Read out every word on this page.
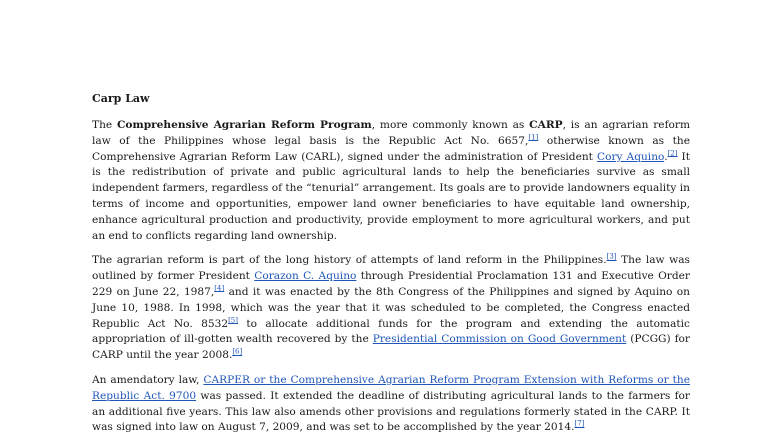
Carp Law

The Comprehensive Agrarian Reform Program, more commonly known as CARP, is an agrarian reform law of the Philippines whose legal basis is the Republic Act No. 6657,[1] otherwise known as the Comprehensive Agrarian Reform Law (CARL), signed under the administration of President Cory Aquino.[2] It is the redistribution of private and public agricultural lands to help the beneficiaries survive as small independent farmers, regardless of the “tenurial” arrangement. Its goals are to provide landowners equality in terms of income and opportunities, empower land owner beneficiaries to have equitable land ownership, enhance agricultural production and productivity, provide employment to more agricultural workers, and put an end to conflicts regarding land ownership.

The agrarian reform is part of the long history of attempts of land reform in the Philippines.[3] The law was outlined by former President Corazon C. Aquino through Presidential Proclamation 131 and Executive Order 229 on June 22, 1987,[4] and it was enacted by the 8th Congress of the Philippines and signed by Aquino on June 10, 1988. In 1998, which was the year that it was scheduled to be completed, the Congress enacted Republic Act No. 8532[5] to allocate additional funds for the program and extending the automatic appropriation of ill-gotten wealth recovered by the Presidential Commission on Good Government (PCGG) for CARP until the year 2008.[6]

An amendatory law, CARPER or the Comprehensive Agrarian Reform Program Extension with Reforms or the Republic Act. 9700 was passed. It extended the deadline of distributing agricultural lands to the farmers for an additional five years. This law also amends other provisions and regulations formerly stated in the CARP. It was signed into law on August 7, 2009, and was set to be accomplished by the year 2014.[7]
